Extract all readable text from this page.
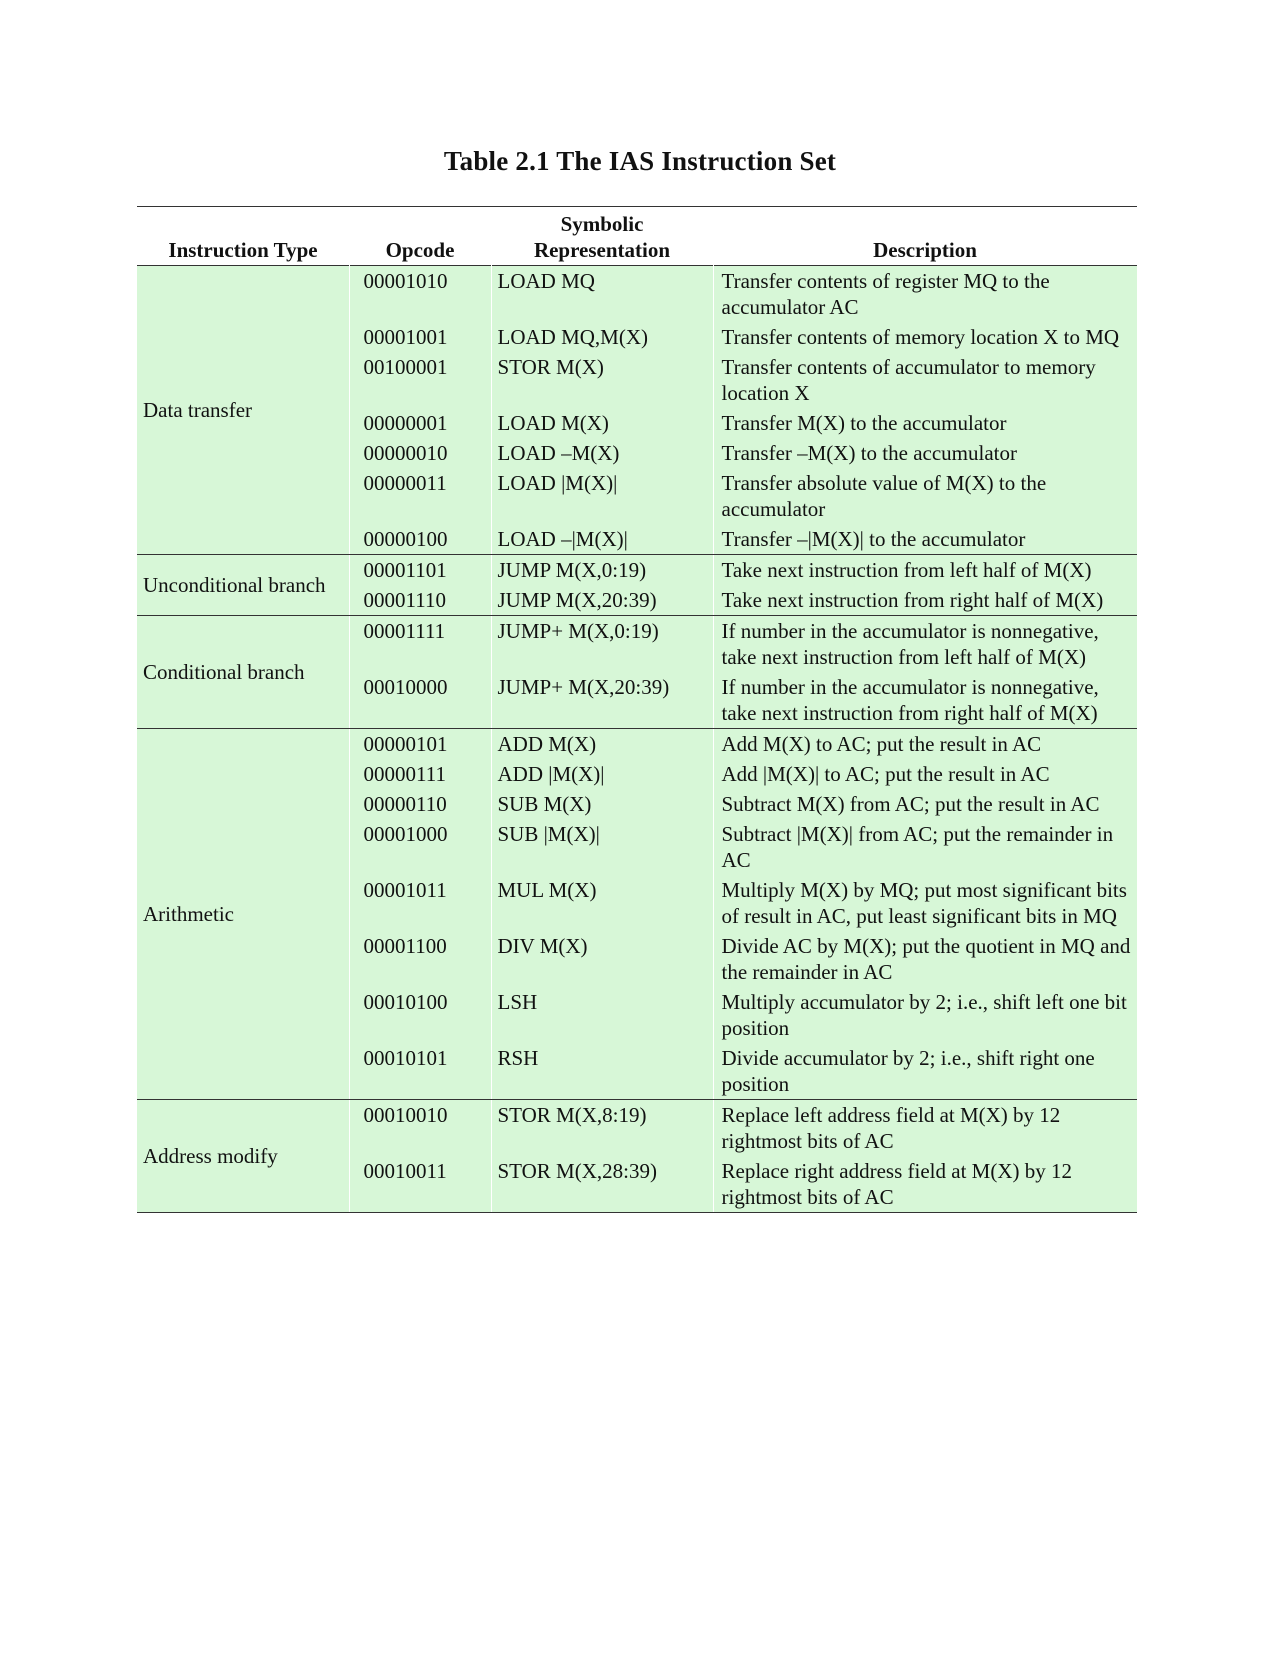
Table 2.1 The IAS Instruction Set
Instruction Type	Opcode	Symbolic Representation	Description
Data transfer	00001010	LOAD MQ	Transfer contents of register MQ to the accumulator AC
	00001001	LOAD MQ,M(X)	Transfer contents of memory location X to MQ
	00100001	STOR M(X)	Transfer contents of accumulator to memory location X
	00000001	LOAD M(X)	Transfer M(X) to the accumulator
	00000010	LOAD –M(X)	Transfer –M(X) to the accumulator
	00000011	LOAD |M(X)|	Transfer absolute value of M(X) to the accumulator
	00000100	LOAD –|M(X)|	Transfer –|M(X)| to the accumulator
Unconditional branch	00001101	JUMP M(X,0:19)	Take next instruction from left half of M(X)
	00001110	JUMP M(X,20:39)	Take next instruction from right half of M(X)
Conditional branch	00001111	JUMP+ M(X,0:19)	If number in the accumulator is nonnegative, take next instruction from left half of M(X)
	00010000	JUMP+ M(X,20:39)	If number in the accumulator is nonnegative, take next instruction from right half of M(X)
Arithmetic	00000101	ADD M(X)	Add M(X) to AC; put the result in AC
	00000111	ADD |M(X)|	Add |M(X)| to AC; put the result in AC
	00000110	SUB M(X)	Subtract M(X) from AC; put the result in AC
	00001000	SUB |M(X)|	Subtract |M(X)| from AC; put the remainder in AC
	00001011	MUL M(X)	Multiply M(X) by MQ; put most significant bits of result in AC, put least significant bits in MQ
	00001100	DIV M(X)	Divide AC by M(X); put the quotient in MQ and the remainder in AC
	00010100	LSH	Multiply accumulator by 2; i.e., shift left one bit position
	00010101	RSH	Divide accumulator by 2; i.e., shift right one position
Address modify	00010010	STOR M(X,8:19)	Replace left address field at M(X) by 12 rightmost bits of AC
	00010011	STOR M(X,28:39)	Replace right address field at M(X) by 12 rightmost bits of AC
